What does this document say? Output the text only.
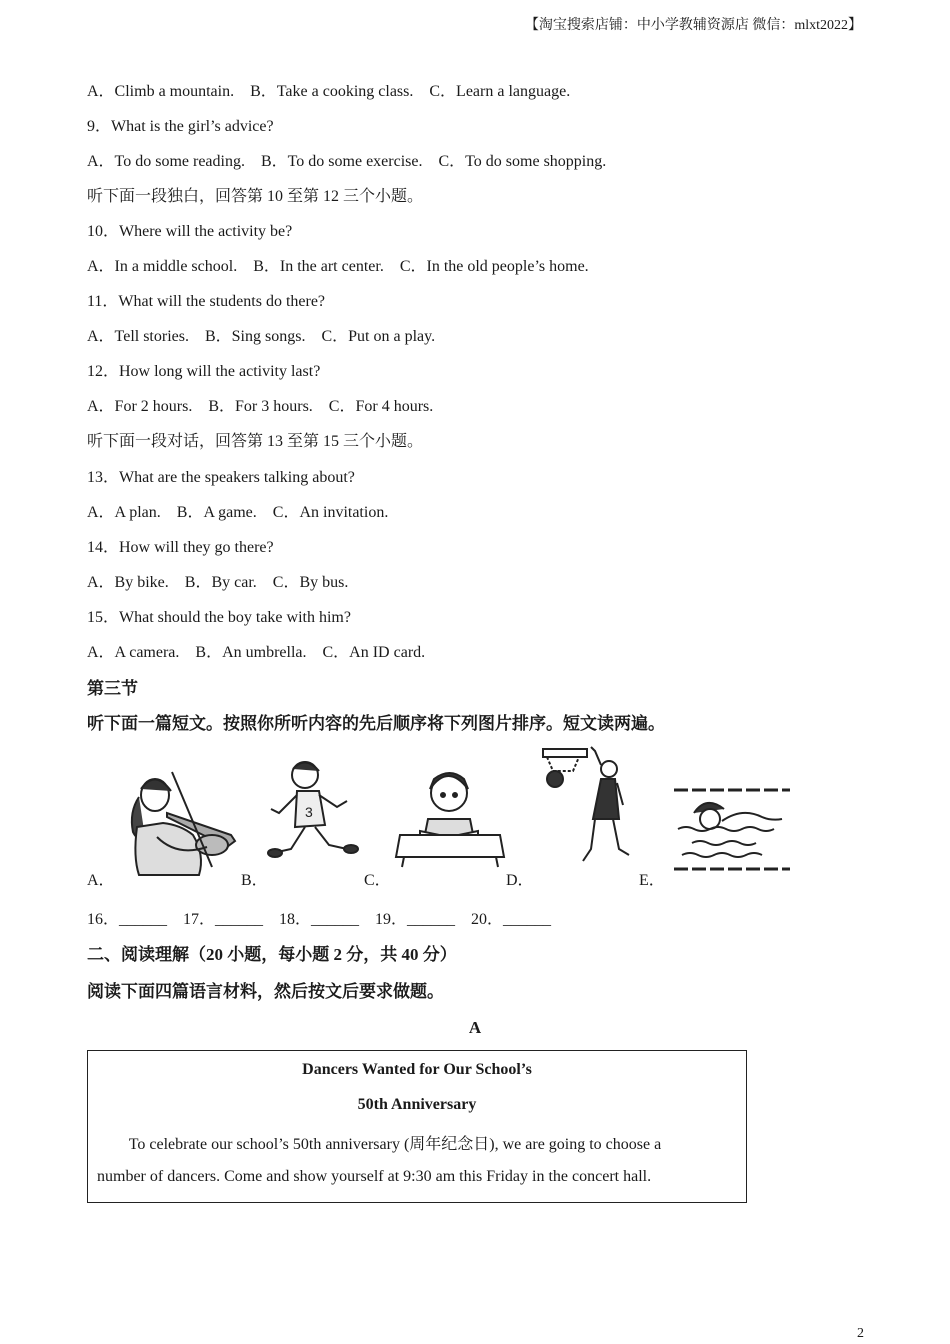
【淘宝搜索店铺：中小学教辅资源店 微信：mlxt2022】
A．Climb a mountain.    B．Take a cooking class.    C．Learn a language.
9．What is the girl’s advice?
A．To do some reading.    B．To do some exercise.    C．To do some shopping.
听下面一段独白，回答第 10 至第 12 三个小题。
10．Where will the activity be?
A．In a middle school.    B．In the art center.    C．In the old people’s home.
11．What will the students do there?
A．Tell stories.    B．Sing songs.    C．Put on a play.
12．How long will the activity last?
A．For 2 hours.    B．For 3 hours.    C．For 4 hours.
听下面一段对话，回答第 13 至第 15 三个小题。
13．What are the speakers talking about?
A．A plan.    B．A game.    C．An invitation.
14．How will they go there?
A．By bike.    B．By car.    C．By bus.
15．What should the boy take with him?
A．A camera.    B．An umbrella.    C．An ID card.
第三节
听下面一篇短文。按照你所听内容的先后顺序将下列图片排序。短文读两遍。
A．	B．
3
C．	D．	E．
16．______    17．______    18．______    19．______    20．______
二、阅读理解（20 小题，每小题 2 分，共 40 分）
阅读下面四篇语言材料，然后按文后要求做题。
A
Dancers Wanted for Our School’s
50th Anniversary
To celebrate our school’s 50th anniversary (周年纪念日), we are going to choose a
number of dancers. Come and show yourself at 9:30 am this Friday in the concert hall.
2
